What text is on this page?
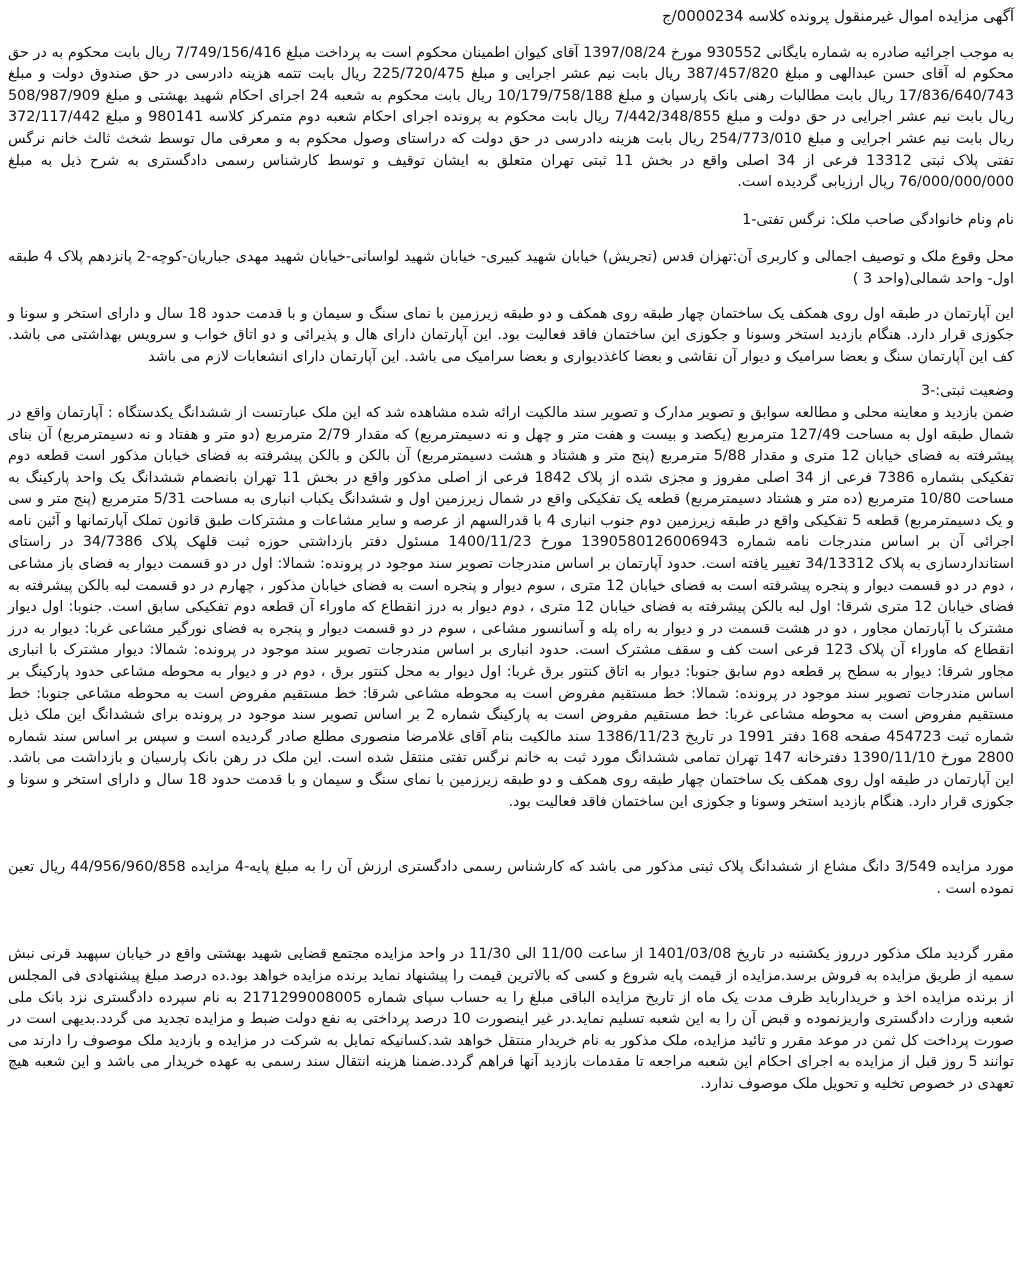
آگهی مزایده اموال غیرمنقول پرونده کلاسه 0000234/ج

به موجب اجرائیه صادره به شماره بایگانی 930552 مورخ 1397/08/24 آقای کیوان اطمینان محکوم است به پرداخت مبلغ 7/749/156/416 ریال بابت محکوم به در حق محکوم له آقای حسن عبدالهی و مبلغ 387/457/820 ریال بابت نیم عشر اجرایی و مبلغ 225/720/475 ریال بابت تتمه هزینه دادرسی در حق صندوق دولت و مبلغ 17/836/640/743 ریال بابت مطالبات رهنی بانک پارسیان و مبلغ 10/179/758/188 ریال بابت محکوم به شعبه 24 اجرای احکام شهید بهشتی و مبلغ 508/987/909 ریال بابت نیم عشر اجرایی در حق دولت و مبلغ 7/442/348/855 ریال بابت محکوم به پرونده اجرای احکام شعبه دوم متمرکز کلاسه 980141 و مبلغ 372/117/442 ریال بابت نیم عشر اجرایی و مبلغ 254/773/010 ریال بابت هزینه دادرسی در حق دولت که دراستای وصول محکوم به و معرفی مال توسط شخث ثالث خانم نرگس تفتی پلاک ثبتی 13312 فرعی از 34 اصلی واقع در بخش 11 ثبتی تهران متعلق به ایشان توقیف و توسط کارشناس رسمی دادگستری به شرح ذیل به مبلغ 76/000/000/000 ریال ارزیابی گردیده است.

نام ونام خانوادگی صاحب ملک: نرگس تفتی-1

محل وقوع ملک و توصیف اجمالی و کاربری آن:تهزان قدس (تجریش) خیابان شهید کبیری- خیابان شهید لواسانی-خیابان شهید مهدی جباریان-کوچه-2 پانزدهم پلاک 4 طبقه اول- واحد شمالی(واحد 3 )

این آپارتمان در طبقه اول روی همکف یک ساختمان چهار طبقه روی همکف و دو طبقه زیرزمین با نمای سنگ و سیمان و با قدمت حدود 18 سال و دارای استخر و سونا و جکوزی قرار دارد. هنگام بازدید استخر وسونا و جکوزی این ساختمان فاقد فعالیت بود. این آپارتمان دارای هال و پذیرائی و دو اتاق خواب و سرویس بهداشتی می باشد. کف این آپارتمان سنگ و بعضا سرامیک و دیوار آن نقاشی و بعضا کاغذدیواری و بعضا سرامیک می باشد. این آپارتمان دارای انشعابات لازم می باشد

وضعیت ثبتی:-3

ضمن بازدید و معاینه محلی و مطالعه سوابق و تصویر مدارک و تصویر سند مالکیت ارائه شده مشاهده شد که این ملک عبارتست از ششدانگ یکدستگاه : آپارتمان واقع در شمال طبقه اول به مساحت 127/49 مترمربع (یکصد و بیست و هفت متر و چهل و نه دسیمترمربع) که مقدار 2/79 مترمربع (دو متر و هفتاد و نه دسیمترمربع) آن بنای پیشرفته به فضای خیابان 12 متری و مقدار 5/88 مترمربع (پنج متر و هشتاد و هشت دسیمترمربع) آن بالکن و بالکن پیشرفته به فضای خیابان مذکور است قطعه دوم تفکیکی بشماره 7386 فرعی از 34 اصلی مفروز و مجزی شده از پلاک 1842 فرعی از اصلی مذکور واقع در بخش 11 تهران بانضمام ششدانگ یک واحد پارکینگ به مساحت 10/80 مترمربع (ده متر و هشتاد دسیمترمربع) قطعه یک تفکیکی واقع در شمال زیرزمین اول و ششدانگ یکباب انباری به مساحت 5/31 مترمربع (پنج متر و سی و یک دسیمترمربع) قطعه 5 تفکیکی واقع در طبقه زیرزمین دوم جنوب انباری 4 با قدرالسهم از عرصه و سایر مشاعات و مشترکات طبق قانون تملک آپارتمانها و آئین نامه اجرائی آن بر اساس مندرجات نامه شماره 139058012600694З مورخ 1400/11/23 مسئول دفتر بازداشتی حوزه ثبت قلهک پلاک 34/7386 در راستای استانداردسازی به پلاک 34/13312 تغییر یافته است. حدود آپارتمان بر اساس مندرجات تصویر سند موجود در پرونده: شمالا: اول در دو قسمت دیوار به فضای باز مشاعی ، دوم در دو قسمت دیوار و پنجره پیشرفته است به فضای خیابان 12 متری ، سوم دیوار و پنجره است به فضای خیابان مذکور ، چهارم در دو قسمت لبه بالکن پیشرفته به فضای خیابان 12 متری شرقا: اول لبه بالکن پیشرفته به فضای خیابان 12 متری ، دوم دیوار به درز انقطاع که ماوراء آن قطعه دوم تفکیکی سابق است. جنوبا: اول دیوار مشترک با آپارتمان مجاور ، دو در هشت قسمت در و دیوار به راه پله و آسانسور مشاعی ، سوم در دو قسمت دیوار و پنجره به فضای نورگیر مشاعی غربا: دیوار به درز انقطاع که ماوراء آن پلاک 123 فرعی است کف و سقف مشترک است. حدود انباری بر اساس مندرجات تصویر سند موجود در پرونده: شمالا: دیوار مشترک با انباری مجاور شرقا: دیوار به سطح پر قطعه دوم سابق جنوبا: دیوار به اتاق کنتور برق غربا: اول دیوار به محل کنتور برق ، دوم در و دیوار به محوطه مشاعی حدود پارکینگ بر اساس مندرجات تصویر سند موجود در پرونده: شمالا: خط مستقیم مفروض است به محوطه مشاعی شرقا: خط مستقیم مفروض است به محوطه مشاعی جنوبا: خط مستقیم مفروض است به محوطه مشاعی غربا: خط مستقیم مفروض است به پارکینگ شماره 2 بر اساس تصویر سند موجود در پرونده برای ششدانگ این ملک ذیل شماره ثبت 454723 صفحه 168 دفتر 1991 در تاریخ 1386/11/23 سند مالکیت بنام آقای غلامرضا منصوری مطلع صادر گردیده است و سپس بر اساس سند شماره 2800 مورخ 1390/11/10 دفترخانه 147 تهران تمامی ششدانگ مورد ثبت به خانم نرگس تفتی منتقل شده است. این ملک در رهن بانک پارسیان و بازداشت می باشد. این آپارتمان در طبقه اول روی همکف یک ساختمان چهار طبقه روی همکف و دو طبقه زیرزمین با نمای سنگ و سیمان و با قدمت حدود 18 سال و دارای استخر و سونا و جکوزی قرار دارد. هنگام بازدید استخر وسونا و جکوزی این ساختمان فاقد فعالیت بود.

مورد مزایده 3/549 دانگ مشاع از ششدانگ پلاک ثبتی مذکور می باشد که کارشناس رسمی دادگستری ارزش آن را به مبلغ پایه-4 مزایده 44/956/960/858 ریال تعین نموده است .

مقرر گردید ملک مذکور درروز یکشنبه در تاریخ 1401/03/08 از ساعت 11/00 الی 11/30 در واحد مزایده مجتمع قضایی شهید بهشتی واقع در خیابان سپهبد قرنی نبش سمیه از طریق مزایده به فروش برسد.مزایده از قیمت پایه شروع و کسی که بالاترین قیمت را پیشنهاد نماید برنده مزایده خواهد بود.ده درصد مبلغ پیشنهادی فی المجلس از برنده مزایده اخذ و خریداربايد ظرف مدت یک ماه از تاریخ مزایده الباقی مبلغ را به حساب سپای شماره 2171299008005 به نام سپرده دادگستری نزد بانک ملی شعبه وزارت دادگستری واریزنموده و قبض آن را به این شعبه تسلیم نماید.در غیر اینصورت 10 درصد پرداختی به نفع دولت ضبط و مزایده تجدید می گردد.بدیهی است در صورت پرداخت کل ثمن در موعد مقرر و تائید مزایده، ملک مذکور به نام خریدار منتقل خواهد شد.کسانیکه تمایل به شرکت در مزایده و بازدید ملک موصوف را دارند می توانند 5 روز قبل از مزایده به اجرای احکام این شعبه مراجعه تا مقدمات بازدید آنها فراهم گردد.ضمنا هزینه انتقال سند رسمی به عهده خریدار می باشد و این شعبه هیچ تعهدی در خصوص تخلیه و تحویل ملک موصوف ندارد.
